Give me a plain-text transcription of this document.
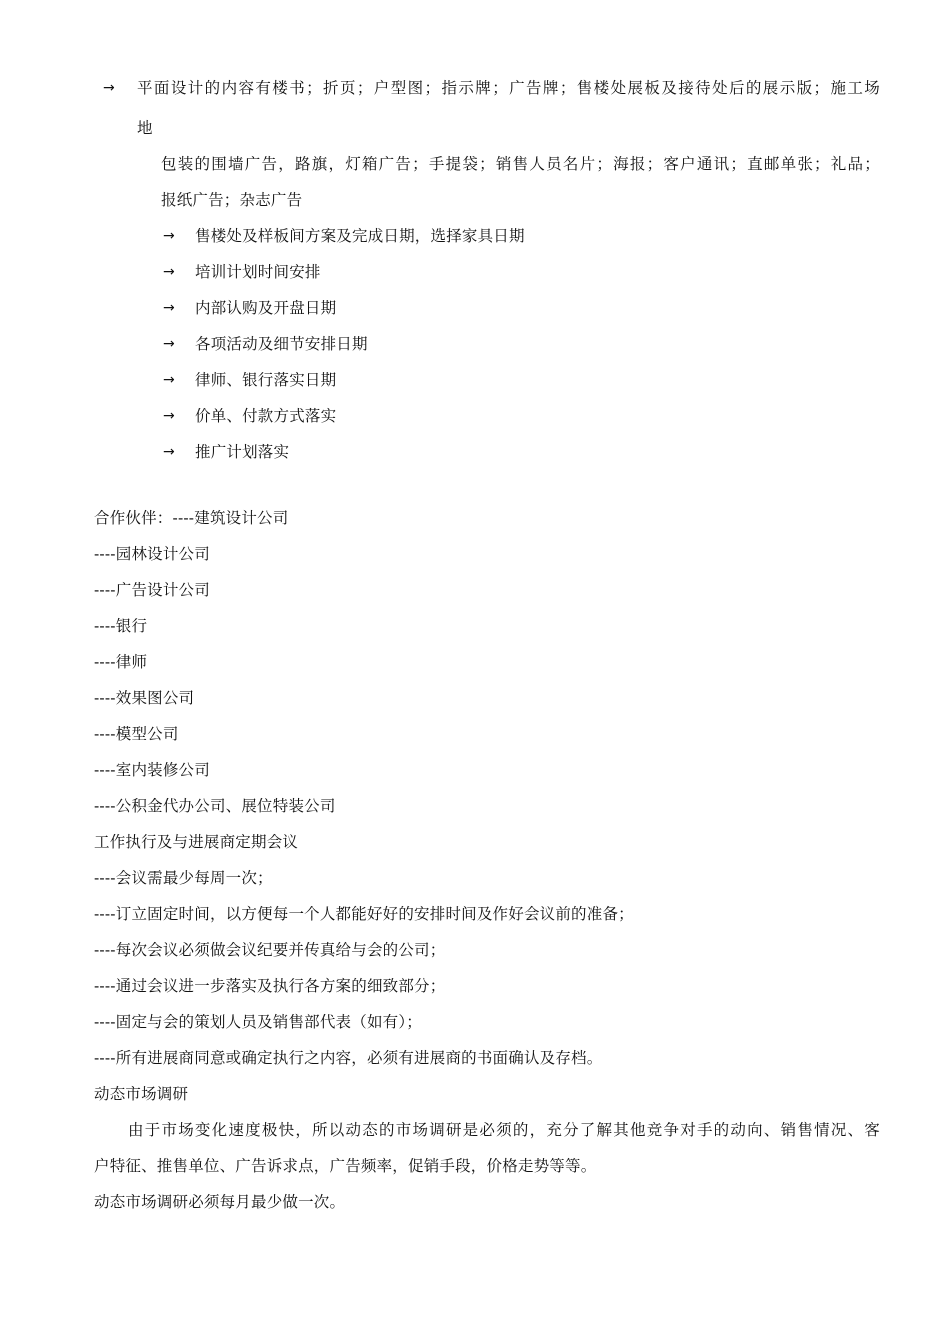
→ 平面设计的内容有楼书；折页；户型图；指示牌；广告牌；售楼处展板及接待处后的展示版；施工场
地
包装的围墙广告，路旗，灯箱广告；手提袋；销售人员名片；海报；客户通讯；直邮单张；礼品；
报纸广告；杂志广告
→ 售楼处及样板间方案及完成日期，选择家具日期
→ 培训计划时间安排
→ 内部认购及开盘日期
→ 各项活动及细节安排日期
→ 律师、银行落实日期
→ 价单、付款方式落实
→ 推广计划落实
合作伙伴：----建筑设计公司
----园林设计公司
----广告设计公司
----银行
----律师
----效果图公司
----模型公司
----室内装修公司
----公积金代办公司、展位特装公司
工作执行及与进展商定期会议
----会议需最少每周一次；
----订立固定时间，以方便每一个人都能好好的安排时间及作好会议前的准备；
----每次会议必须做会议纪要并传真给与会的公司；
----通过会议进一步落实及执行各方案的细致部分；
----固定与会的策划人员及销售部代表（如有）；
----所有进展商同意或确定执行之内容，必须有进展商的书面确认及存档。
动态市场调研
由于市场变化速度极快，所以动态的市场调研是必须的，充分了解其他竞争对手的动向、销售情况、客
户特征、推售单位、广告诉求点，广告频率，促销手段，价格走势等等。
动态市场调研必须每月最少做一次。
